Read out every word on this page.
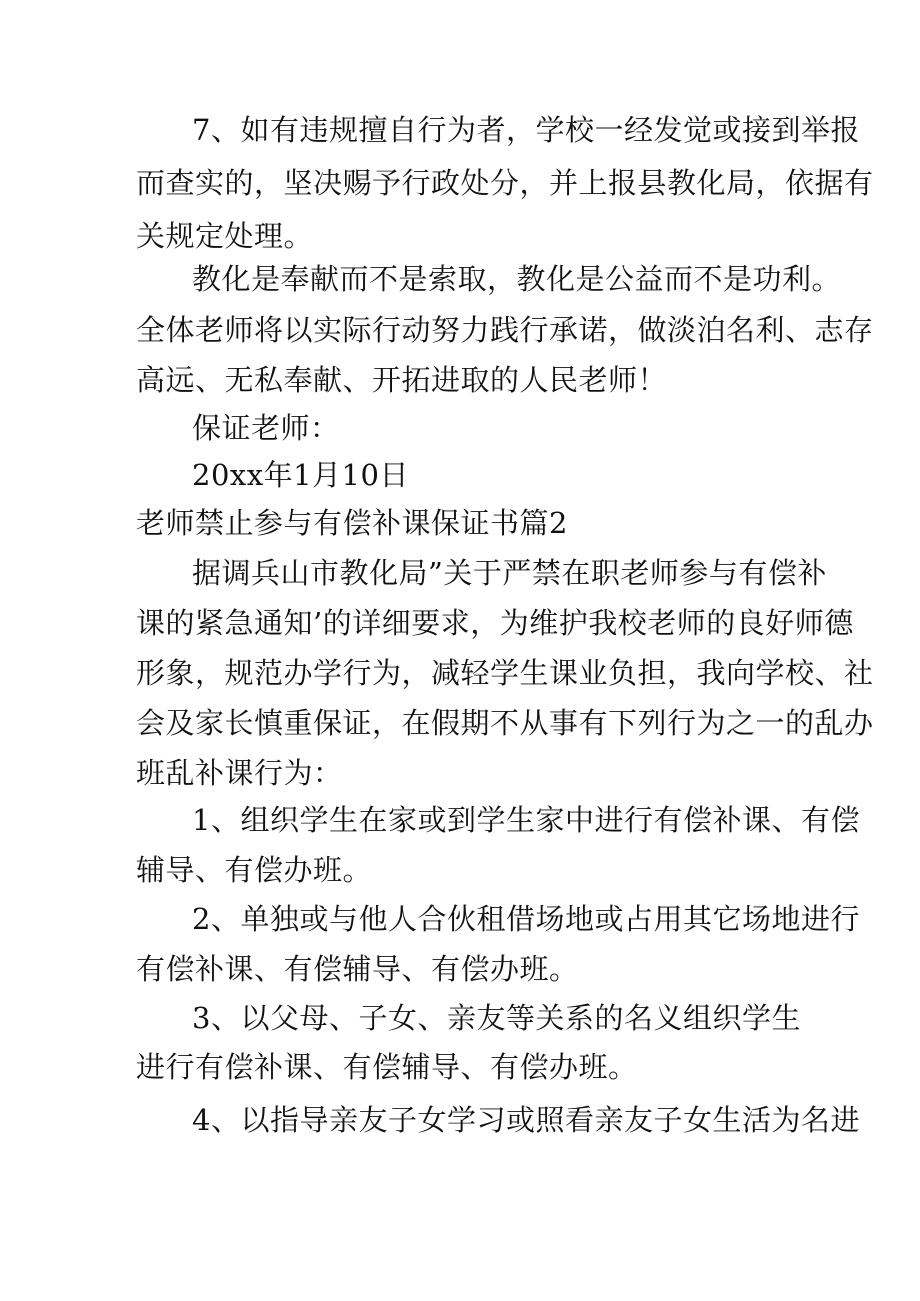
7、如有违规擅自行为者，学校一经发觉或接到举报
而查实的，坚决赐予行政处分，并上报县教化局，依据有
关规定处理。
教化是奉献而不是索取，教化是公益而不是功利。
全体老师将以实际行动努力践行承诺，做淡泊名利、志存
高远、无私奉献、开拓进取的人民老师！
保证老师：
20xx年1月10日
老师禁止参与有偿补课保证书篇2
据调兵山市教化局”关于严禁在职老师参与有偿补
课的紧急通知’的详细要求，为维护我校老师的良好师德
形象，规范办学行为，减轻学生课业负担，我向学校、社
会及家长慎重保证，在假期不从事有下列行为之一的乱办
班乱补课行为：
1、组织学生在家或到学生家中进行有偿补课、有偿
辅导、有偿办班。
2、单独或与他人合伙租借场地或占用其它场地进行
有偿补课、有偿辅导、有偿办班。
3、以父母、子女、亲友等关系的名义组织学生
进行有偿补课、有偿辅导、有偿办班。
4、以指导亲友子女学习或照看亲友子女生活为名进
